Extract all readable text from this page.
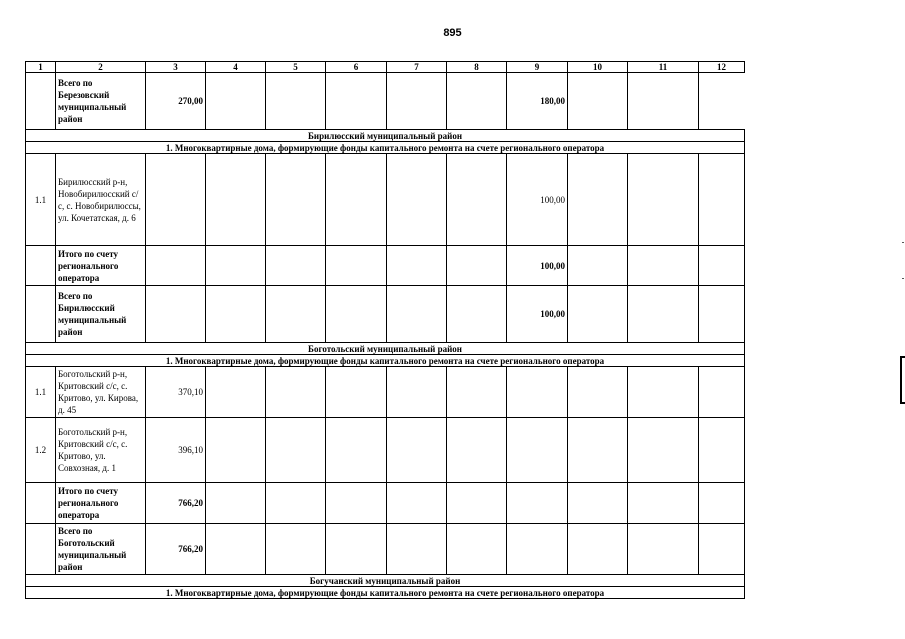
895
1	2	3	4	5	6	7	8	9	10	11	12
	Всего по Березовский муниципальный район	270,00						180,00			
Бирилюсский муниципальный район											
1. Многоквартирные дома, формирующие фонды капитального ремонта на счете регионального оператора											
1.1	Бирилюсский р-н, Новобирилюсский с/с, с. Новобирилюссы, ул. Кочетатская, д. 6							100,00			
	Итого по счету регионального оператора							100,00			
	Всего по Бирилюсский муниципальный район							100,00			
Боготольский муниципальный район											
1. Многоквартирные дома, формирующие фонды капитального ремонта на счете регионального оператора											
1.1	Боготольский р-н, Критовский с/с, с. Критово, ул. Кирова, д. 45	370,10									
1.2	Боготольский р-н, Критовский с/с, с. Критово, ул. Совхозная, д. 1	396,10									
	Итого по счету регионального оператора	766,20									
	Всего по Боготольский муниципальный район	766,20									
Богучанский муниципальный район											
1. Многоквартирные дома, формирующие фонды капитального ремонта на счете регионального оператора											
